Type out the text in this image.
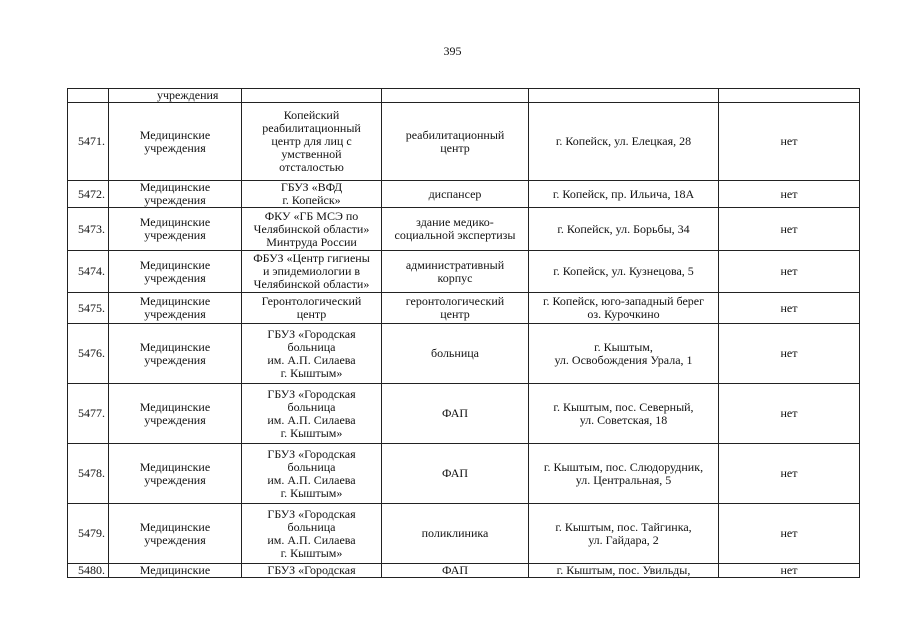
395
	учреждения				
5471.	Медицинские
учреждения	Копейский
реабилитационный
центр для лиц с
умственной
отсталостью	реабилитационный
центр	г. Копейск, ул. Елецкая, 28	нет
5472.	Медицинские
учреждения	ГБУЗ «ВФД
г. Копейск»	диспансер	г. Копейск, пр. Ильича, 18А	нет
5473.	Медицинские
учреждения	ФКУ «ГБ МСЭ по
Челябинской области»
Минтруда России	здание медико-
социальной экспертизы	г. Копейск, ул. Борьбы, 34	нет
5474.	Медицинские
учреждения	ФБУЗ «Центр гигиены
и эпидемиологии в
Челябинской области»	административный
корпус	г. Копейск, ул. Кузнецова, 5	нет
5475.	Медицинские
учреждения	Геронтологический
центр	геронтологический
центр	г. Копейск, юго-западный берег
оз. Курочкино	нет
5476.	Медицинские
учреждения	ГБУЗ «Городская
больница
им. А.П. Силаева
г. Кыштым»	больница	г. Кыштым,
ул. Освобождения Урала, 1	нет
5477.	Медицинские
учреждения	ГБУЗ «Городская
больница
им. А.П. Силаева
г. Кыштым»	ФАП	г. Кыштым, пос. Северный,
ул. Советская, 18	нет
5478.	Медицинские
учреждения	ГБУЗ «Городская
больница
им. А.П. Силаева
г. Кыштым»	ФАП	г. Кыштым, пос. Слюдорудник,
ул. Центральная, 5	нет
5479.	Медицинские
учреждения	ГБУЗ «Городская
больница
им. А.П. Силаева
г. Кыштым»	поликлиника	г. Кыштым, пос. Тайгинка,
ул. Гайдара, 2	нет
5480.	Медицинские	ГБУЗ «Городская	ФАП	г. Кыштым, пос. Увильды,	нет
